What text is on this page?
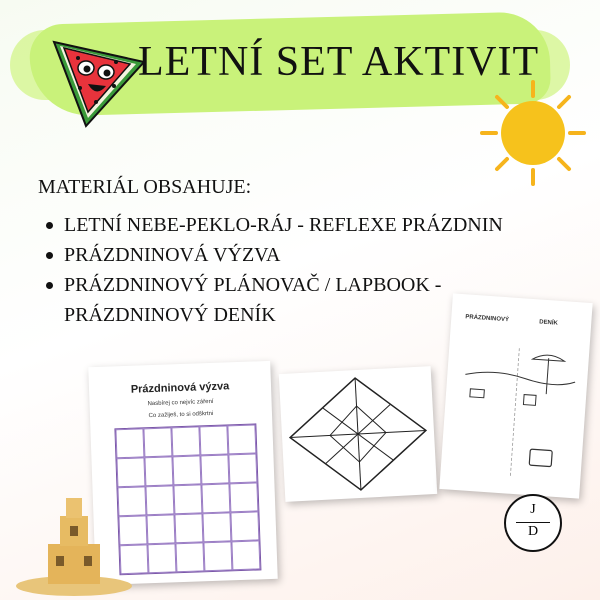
LETNÍ SET AKTIVIT
MATERIÁL OBSAHUJE:
LETNÍ NEBE-PEKLO-RÁJ - REFLEXE PRÁZDNIN
PRÁZDNINOVÁ VÝZVA
PRÁZDNINOVÝ PLÁNOVAČ / LAPBOOK - PRÁZDNINOVÝ DENÍK
Prázdninová výzva
Nasbírej co nejvíc záření
Co zažiješ, to si odškrtni
PRÁZDNINOVÝ	DENÍK
J
D
